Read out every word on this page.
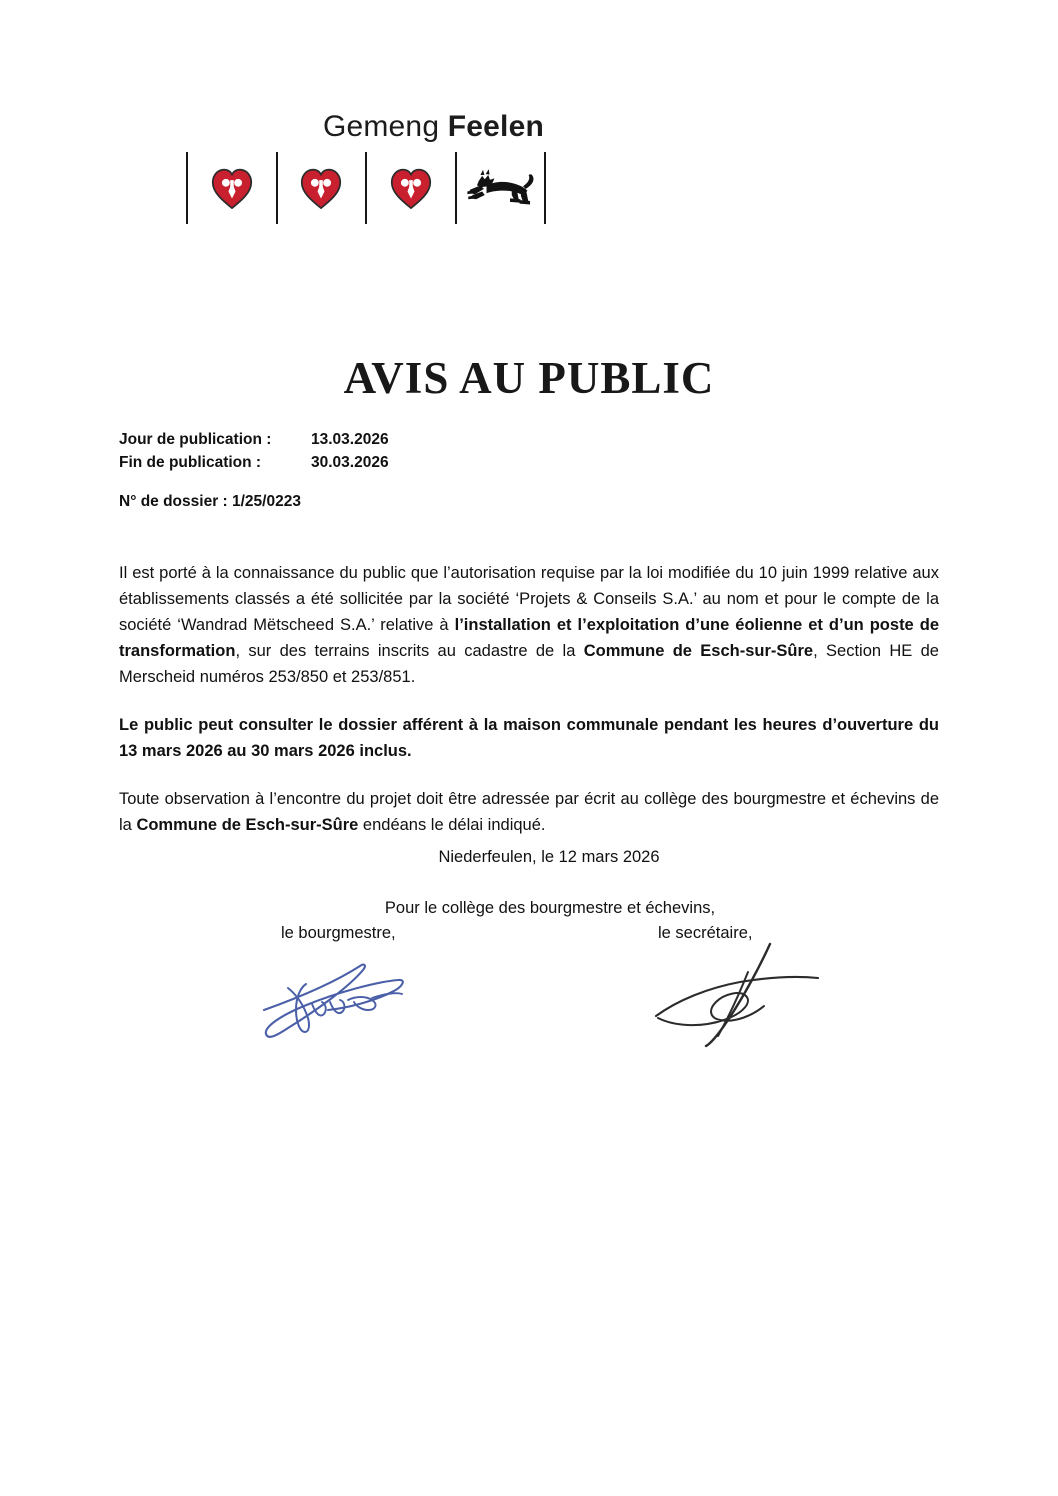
Gemeng Feelen
AVIS AU PUBLIC
Jour de publication :	13.03.2026
Fin de publication :	30.03.2026
N° de dossier : 1/25/0223

Il est porté à la connaissance du public que l’autorisation requise par la loi modifiée du 10 juin 1999 relative aux établissements classés a été sollicitée par la société ‘Projets & Conseils S.A.’ au nom et pour le compte de la société ‘Wandrad Mëtscheed S.A.’ relative à l’installation et l’exploitation d’une éolienne et d’un poste de transformation, sur des terrains inscrits au cadastre de la Commune de Esch-sur-Sûre, Section HE de Merscheid numéros 253/850 et 253/851.

Le public peut consulter le dossier afférent à la maison communale pendant les heures d’ouverture du 13 mars 2026 au 30 mars 2026 inclus.

Toute observation à l’encontre du projet doit être adressée par écrit au collège des bourgmestre et échevins de la Commune de Esch-sur-Sûre endéans le délai indiqué.

Niederfeulen, le 12 mars 2026
Pour le collège des bourgmestre et échevins,
le bourgmestre,	le secrétaire,
